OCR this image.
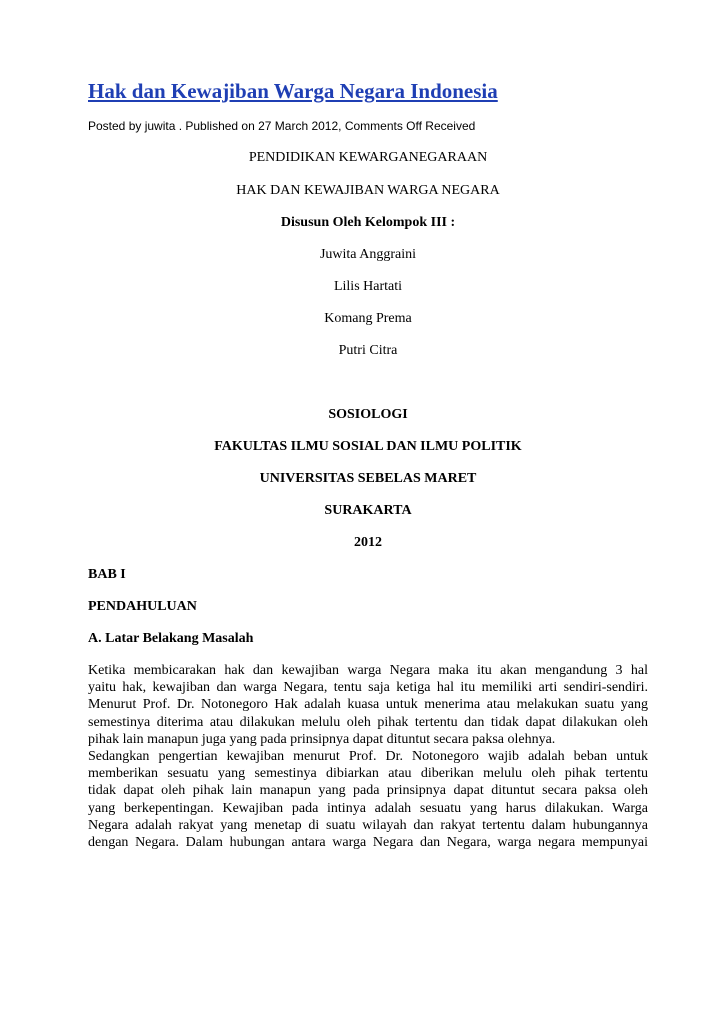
Hak dan Kewajiban Warga Negara Indonesia
Posted by juwita . Published on 27 March 2012, Comments Off Received

PENDIDIKAN KEWARGANEGARAAN

HAK DAN KEWAJIBAN WARGA NEGARA

Disusun Oleh Kelompok III :

Juwita Anggraini

Lilis Hartati

Komang Prema

Putri Citra

SOSIOLOGI

FAKULTAS ILMU SOSIAL DAN ILMU POLITIK

UNIVERSITAS SEBELAS MARET

SURAKARTA

2012

BAB I

PENDAHULUAN

A. Latar Belakang Masalah

Ketika membicarakan hak dan kewajiban warga Negara maka itu akan mengandung 3 hal
yaitu hak, kewajiban dan warga Negara, tentu saja ketiga hal itu memiliki arti sendiri-sendiri.
Menurut Prof. Dr. Notonegoro Hak adalah kuasa untuk menerima atau melakukan suatu yang
semestinya diterima atau dilakukan melulu oleh pihak tertentu dan tidak dapat dilakukan oleh
pihak lain manapun juga yang pada prinsipnya dapat dituntut secara paksa olehnya.
Sedangkan pengertian kewajiban menurut Prof. Dr. Notonegoro wajib adalah beban untuk
memberikan sesuatu yang semestinya dibiarkan atau diberikan melulu oleh pihak tertentu
tidak dapat oleh pihak lain manapun yang pada prinsipnya dapat dituntut secara paksa oleh
yang berkepentingan. Kewajiban pada intinya adalah sesuatu yang harus dilakukan. Warga
Negara adalah rakyat yang menetap di suatu wilayah dan rakyat tertentu dalam hubungannya
dengan Negara. Dalam hubungan antara warga Negara dan Negara, warga negara mempunyai
